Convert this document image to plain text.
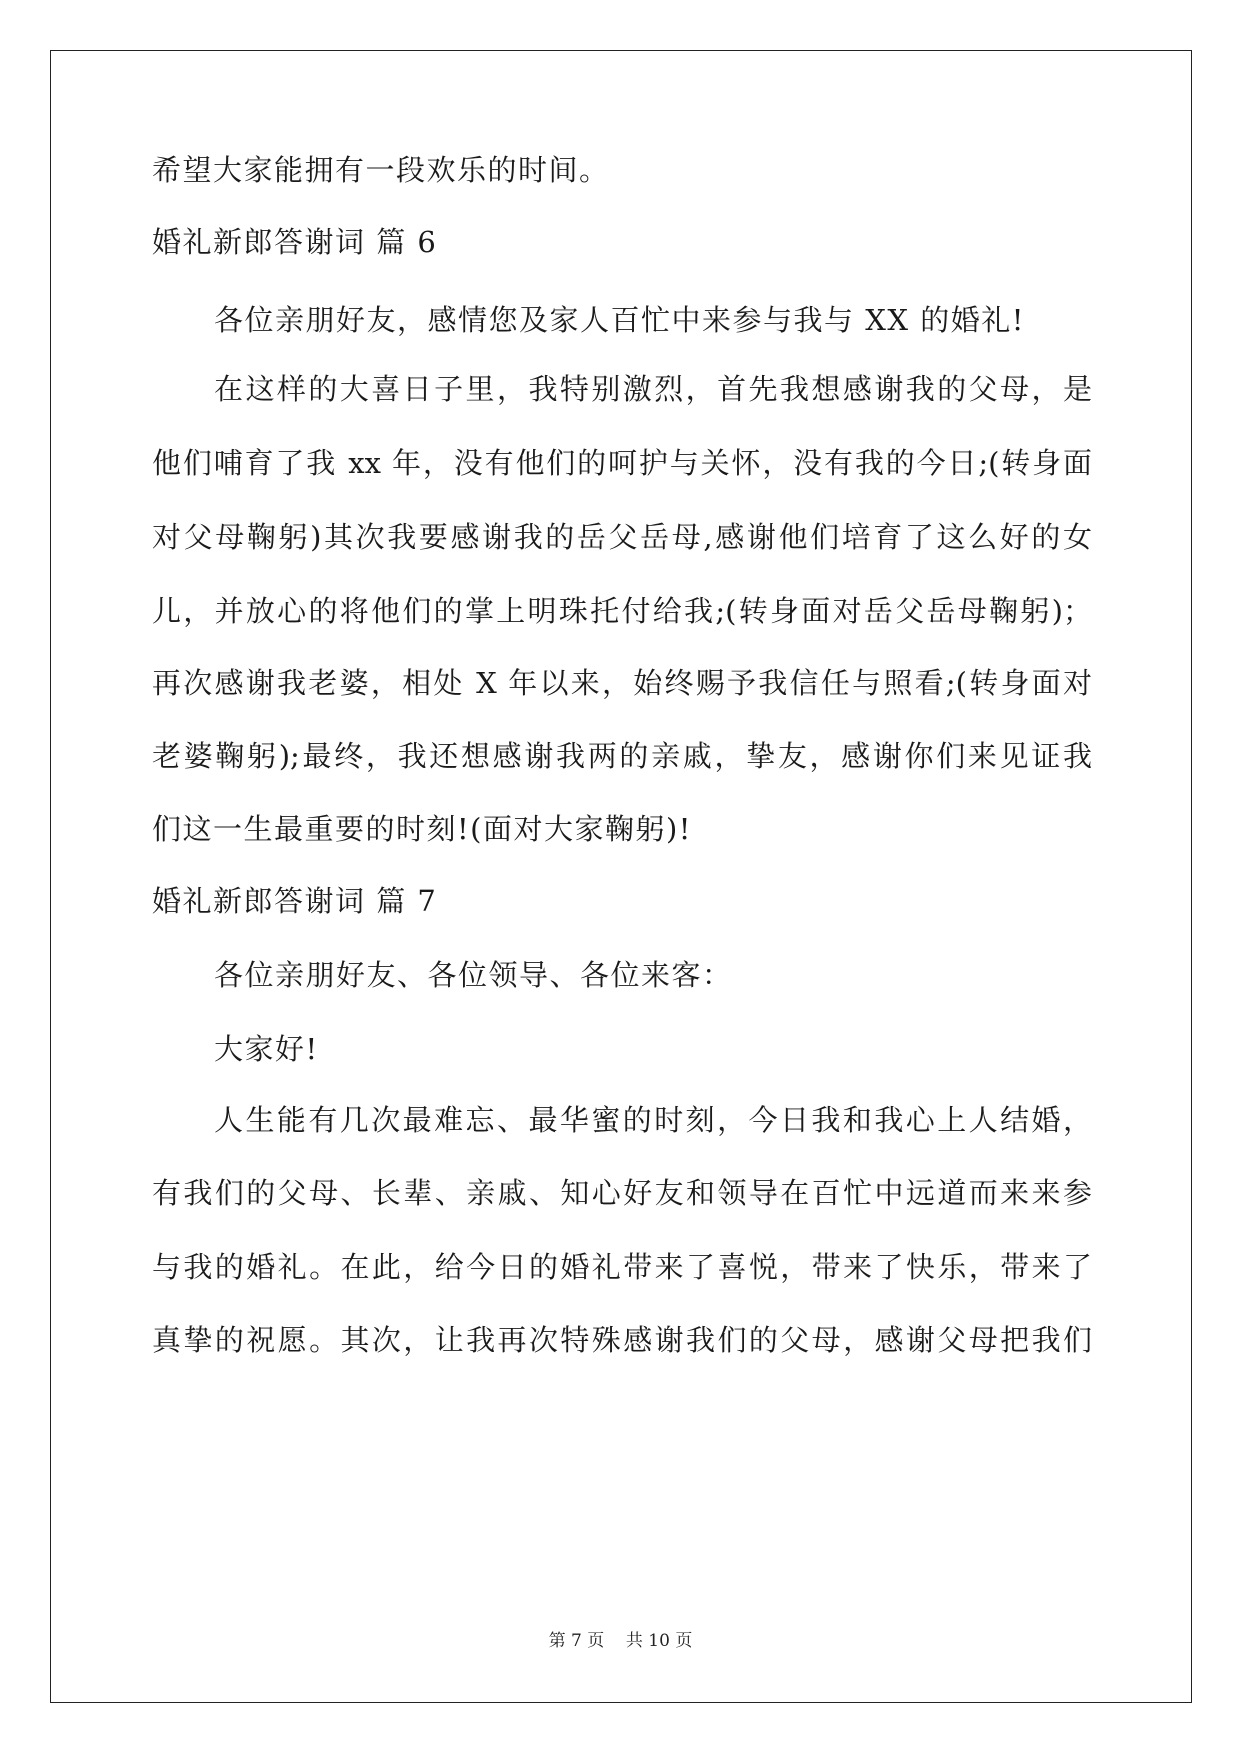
希望大家能拥有一段欢乐的时间。
婚礼新郎答谢词 篇 6
各位亲朋好友，感情您及家人百忙中来参与我与 XX 的婚礼!
在这样的大喜日子里，我特别激烈，首先我想感谢我的父母，是
他们哺育了我 xx 年，没有他们的呵护与关怀，没有我的今日;(转身面
对父母鞠躬)其次我要感谢我的岳父岳母,感谢他们培育了这么好的女
儿，并放心的将他们的掌上明珠托付给我;(转身面对岳父岳母鞠躬)；
再次感谢我老婆，相处 X 年以来，始终赐予我信任与照看;(转身面对
老婆鞠躬);最终，我还想感谢我两的亲戚，挚友，感谢你们来见证我
们这一生最重要的时刻!(面对大家鞠躬)!
婚礼新郎答谢词 篇 7
各位亲朋好友、各位领导、各位来客：
大家好!
人生能有几次最难忘、最华蜜的时刻，今日我和我心上人结婚，
有我们的父母、长辈、亲戚、知心好友和领导在百忙中远道而来来参
与我的婚礼。在此，给今日的婚礼带来了喜悦，带来了快乐，带来了
真挚的祝愿。其次，让我再次特殊感谢我们的父母，感谢父母把我们
第 7 页 共 10 页
